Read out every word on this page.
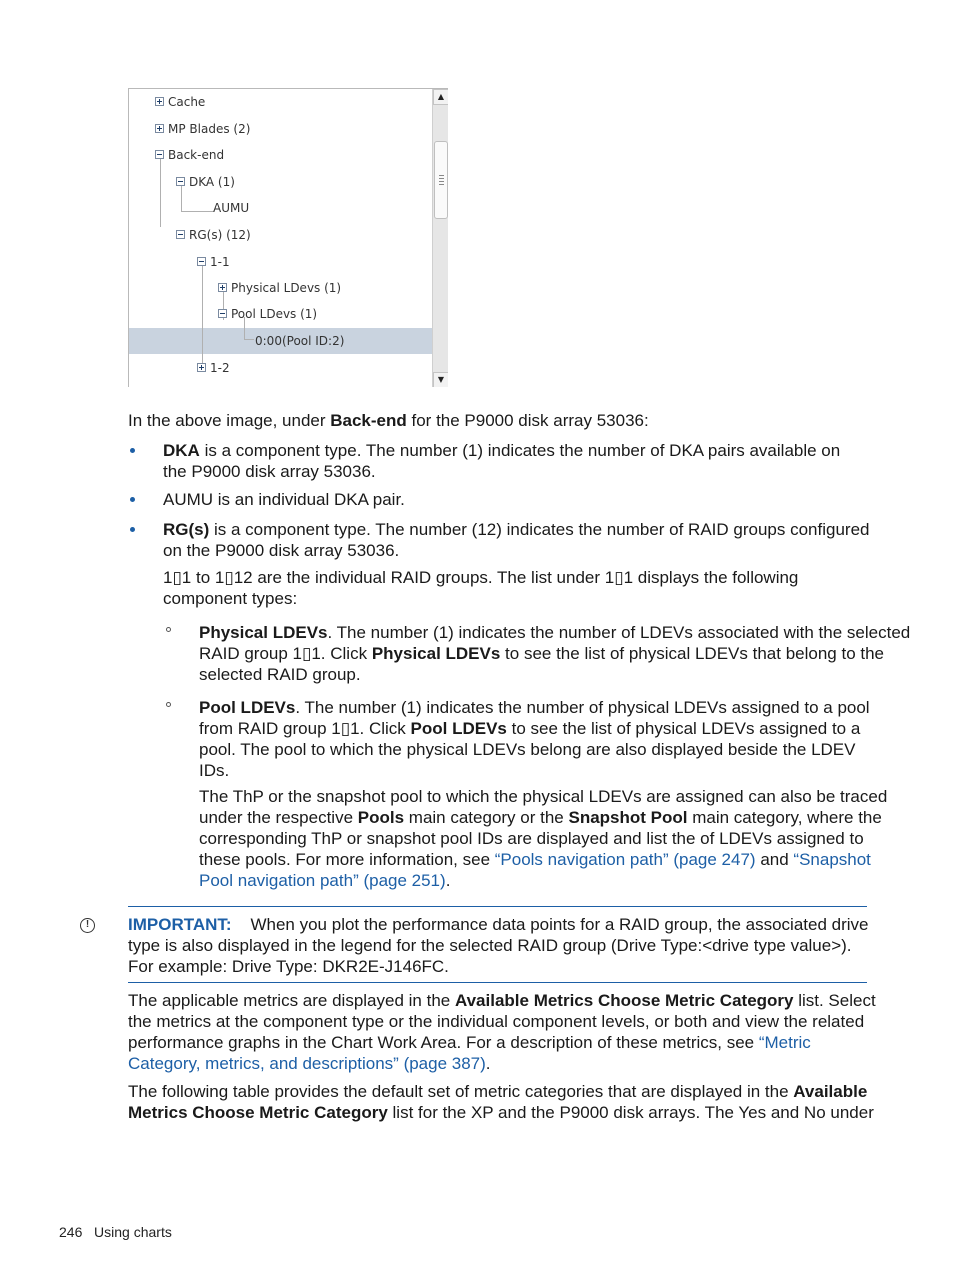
Cache
MP Blades (2)
Back-end
DKA (1)
AUMU
RG(s) (12)
1-1
Physical LDevs (1)
Pool LDevs (1)
0:00(Pool ID:2)
1-2
▲
▼
In the above image, under Back-end for the P9000 disk array 53036:
DKA is a component type. The number (1) indicates the number of DKA pairs available on
the P9000 disk array 53036.
AUMU is an individual DKA pair.
RG(s) is a component type. The number (12) indicates the number of RAID groups configured
on the P9000 disk array 53036.
1▯1 to 1▯12 are the individual RAID groups. The list under 1▯1 displays the following
component types:
Physical LDEVs. The number (1) indicates the number of LDEVs associated with the selected
RAID group 1▯1. Click Physical LDEVs to see the list of physical LDEVs that belong to the
selected RAID group.
Pool LDEVs. The number (1) indicates the number of physical LDEVs assigned to a pool
from RAID group 1▯1. Click Pool LDEVs to see the list of physical LDEVs assigned to a
pool. The pool to which the physical LDEVs belong are also displayed beside the LDEV
IDs.
The ThP or the snapshot pool to which the physical LDEVs are assigned can also be traced
under the respective Pools main category or the Snapshot Pool main category, where the
corresponding ThP or snapshot pool IDs are displayed and list the of LDEVs assigned to
these pools. For more information, see “Pools navigation path” (page 247) and “Snapshot
Pool navigation path” (page 251).
!	IMPORTANT: When you plot the performance data points for a RAID group, the associated drive
type is also displayed in the legend for the selected RAID group (Drive Type:<drive type value>).
For example: Drive Type: DKR2E-J146FC.
The applicable metrics are displayed in the Available Metrics Choose Metric Category list. Select
the metrics at the component type or the individual component levels, or both and view the related
performance graphs in the Chart Work Area. For a description of these metrics, see “Metric
Category, metrics, and descriptions” (page 387).
The following table provides the default set of metric categories that are displayed in the Available
Metrics Choose Metric Category list for the XP and the P9000 disk arrays. The Yes and No under
246 Using charts
